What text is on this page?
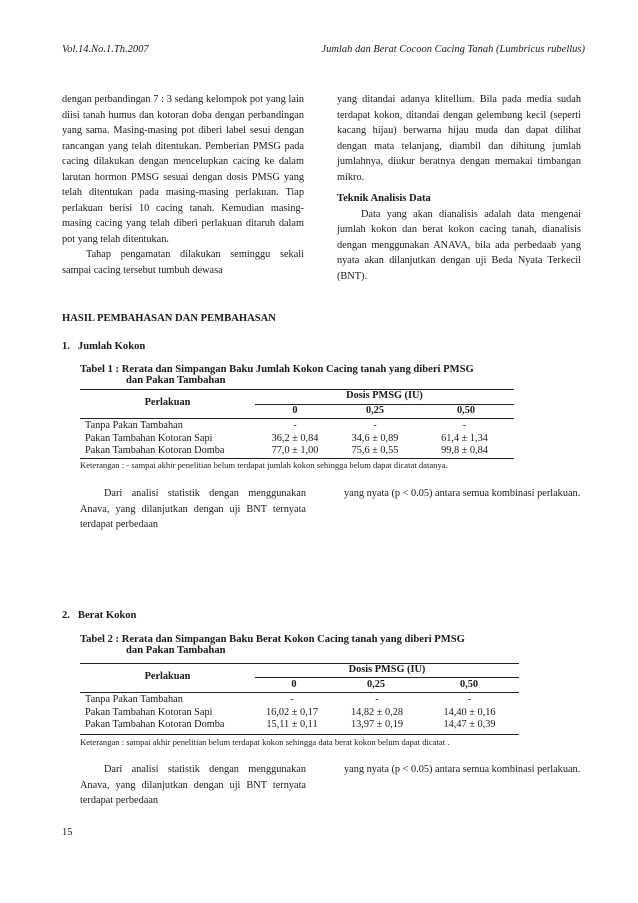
Vol.14.No.1.Th.2007	Jumlah dan Berat Cocoon Cacing Tanah (Lumbricus rubellus)

dengan perbandingan 7 : 3 sedang kelompok pot yang lain diisi tanah humus dan kotoran doba dengan perbandingan yang sama. Masing-masing pot diberi label sesui dengan rancangan yang telah ditentukan. Pemberian PMSG pada cacing dilakukan dengan mencelupkan cacing ke dalam larutan hormon PMSG sesuai dengan dosis PMSG yang telah ditentukan pada masing-masing perlakuan. Tiap perlakuan berisi 10 cacing tanah. Kemudian masing-masing cacing yang telah diberi perlakuan ditaruh dalam pot yang telah ditentukan.

Tahap pengamatan dilakukan seminggu sekali sampai cacing tersebut tumbuh dewasa

yang ditandai adanya klitellum. Bila pada media sudah terdapat kokon, ditandai dengan gelembung kecil (seperti kacang hijau) berwarna hijau muda dan dapat dilihat dengan mata telanjang, diambil dan dihitung jumlah jumlahnya, diukur beratnya dengan memakai timbangan mikro.

Teknik Analisis Data

Data yang akan dianalisis adalah data mengenai jumlah kokon dan berat kokon cacing tanah, dianalisis dengan menggunakan ANAVA, bila ada perbedaab yang nyata akan dilanjutkan dengan uji Beda Nyata Terkecil (BNT).

HASIL PEMBAHASAN DAN PEMBAHASAN
1.   Jumlah Kokon
Tabel 1 : Rerata dan Simpangan Baku Jumlah Kokon Cacing tanah yang diberi PMSG
dan Pakan Tambahan
Perlakuan
Dosis PMSG (IU)
0	0,25	0,50
Tanpa Pakan Tambahan	-	-	-
Pakan Tambahan Kotoran Sapi	36,2 ± 0,84	34,6 ± 0,89	61,4 ± 1,34
Pakan Tambahan Kotoran Domba	77,0 ± 1,00	75,6 ± 0,55	99,8 ± 0,84
Keterangan : - sampai akhir penelitian belum terdapat jumlah kokon sehingga belum dapat dicatat datanya.

Dari analisi statistik dengan menggunakan Anava, yang dilanjutkan dengan uji BNT ternyata terdapat perbedaan

yang nyata (p < 0.05) antara semua kombinasi perlakuan.

2.   Berat Kokon
Tabel 2 : Rerata dan Simpangan Baku Berat Kokon Cacing tanah yang diberi PMSG
dan Pakan Tambahan
Perlakuan
Dosis PMSG (IU)
0	0,25	0,50
Tanpa Pakan Tambahan	-	-	-
Pakan Tambahan Kotoran Sapi	16,02 ± 0,17	14,82 ± 0,28	14,40 ± 0,16
Pakan Tambahan Kotoran Domba	15,11 ± 0,11	13,97 ± 0,19	14,47 ± 0,39
Keterangan : sampai akhir penelitian belum terdapat kokon sehingga data berat kokon belum dapat dicatat .

Dari analisi statistik dengan menggunakan Anava, yang dilanjutkan dengan uji BNT ternyata terdapat perbedaan

yang nyata (p < 0.05) antara semua kombinasi perlakuan.

15
